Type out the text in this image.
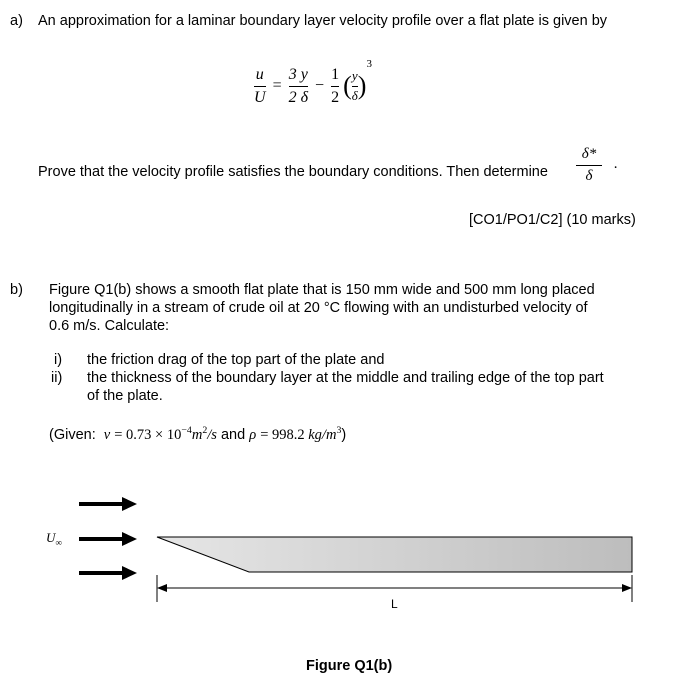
a) An approximation for a laminar boundary layer velocity profile over a flat plate is given by
$\frac{u}{U} = \frac{3 y}{2 \delta} - \frac{1}{2}$ ( $\frac{y}{\delta} )^3$
Prove that the velocity profile satisfies the boundary conditions. Then determine $\frac{\delta*}{\delta}$ .
[CO1/PO1/C2] (10 marks)
b) Figure Q1(b) shows a smooth flat plate that is 150 mm wide and 500 mm long placed
longitudinally in a stream of crude oil at 20 °C flowing with an undisturbed velocity of
0.6 m/s. Calculate:
i) the friction drag of the top part of the plate and
ii) the thickness of the boundary layer at the middle and trailing edge of the top part
of the plate.
(Given: $\nu = 0.73 \times 10^{-4}m^2/s$ and ρ = 998.2 $kg/m^3$)
$U_\infty$
L
Figure Q1(b)
